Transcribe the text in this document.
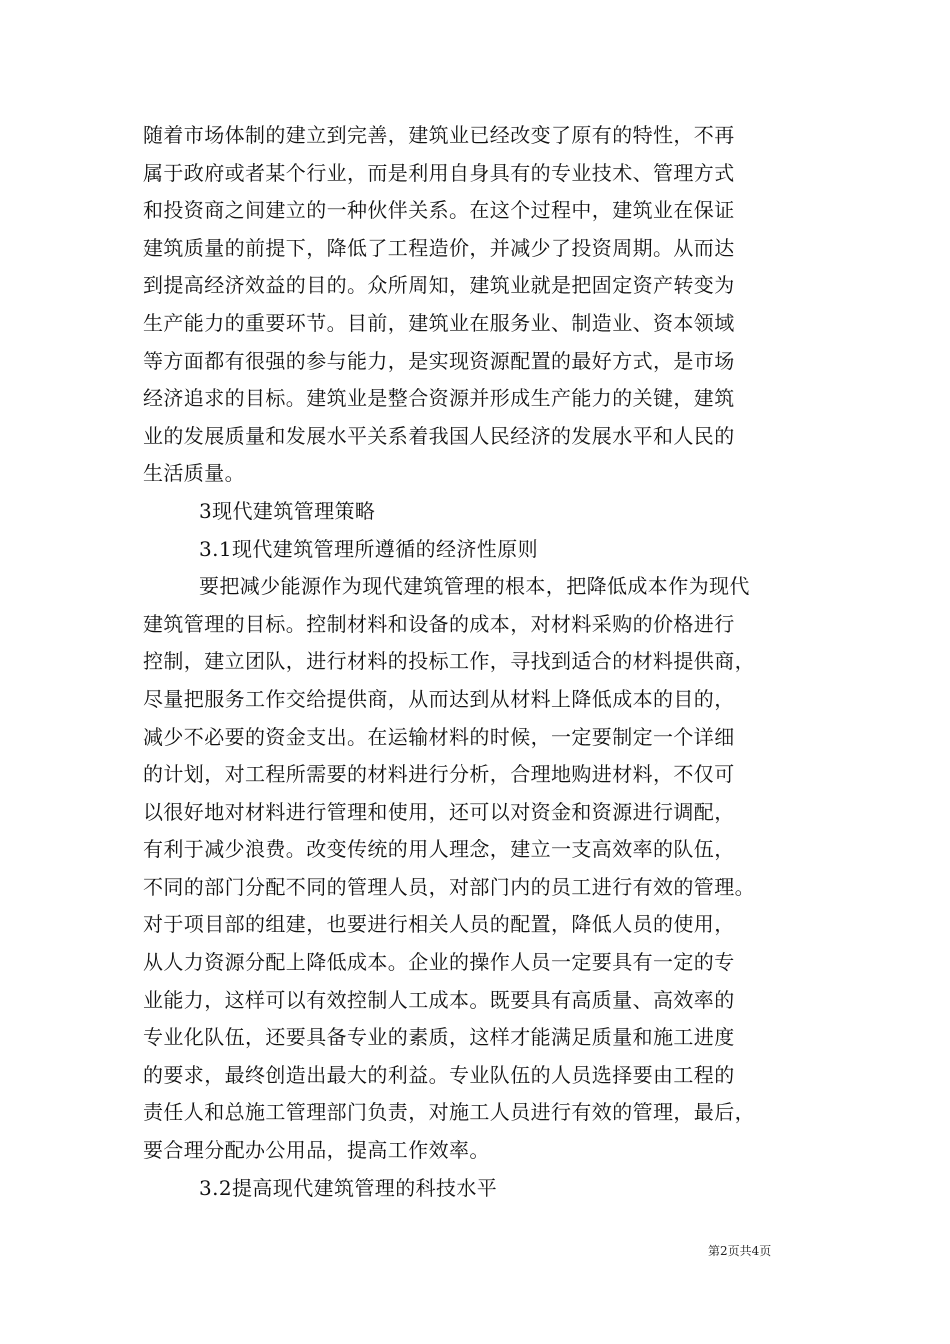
随着市场体制的建立到完善，建筑业已经改变了原有的特性，不再
属于政府或者某个行业，而是利用自身具有的专业技术、管理方式
和投资商之间建立的一种伙伴关系。在这个过程中，建筑业在保证
建筑质量的前提下，降低了工程造价，并减少了投资周期。从而达
到提高经济效益的目的。众所周知，建筑业就是把固定资产转变为
生产能力的重要环节。目前，建筑业在服务业、制造业、资本领域
等方面都有很强的参与能力，是实现资源配置的最好方式，是市场
经济追求的目标。建筑业是整合资源并形成生产能力的关键，建筑
业的发展质量和发展水平关系着我国人民经济的发展水平和人民的
生活质量。
3现代建筑管理策略
3.1现代建筑管理所遵循的经济性原则
要把减少能源作为现代建筑管理的根本，把降低成本作为现代
建筑管理的目标。控制材料和设备的成本，对材料采购的价格进行
控制，建立团队，进行材料的投标工作，寻找到适合的材料提供商，
尽量把服务工作交给提供商，从而达到从材料上降低成本的目的，
减少不必要的资金支出。在运输材料的时候，一定要制定一个详细
的计划，对工程所需要的材料进行分析，合理地购进材料，不仅可
以很好地对材料进行管理和使用，还可以对资金和资源进行调配，
有利于减少浪费。改变传统的用人理念，建立一支高效率的队伍，
不同的部门分配不同的管理人员，对部门内的员工进行有效的管理。
对于项目部的组建，也要进行相关人员的配置，降低人员的使用，
从人力资源分配上降低成本。企业的操作人员一定要具有一定的专
业能力，这样可以有效控制人工成本。既要具有高质量、高效率的
专业化队伍，还要具备专业的素质，这样才能满足质量和施工进度
的要求，最终创造出最大的利益。专业队伍的人员选择要由工程的
责任人和总施工管理部门负责，对施工人员进行有效的管理，最后，
要合理分配办公用品，提高工作效率。
3.2提高现代建筑管理的科技水平
第2页共4页
